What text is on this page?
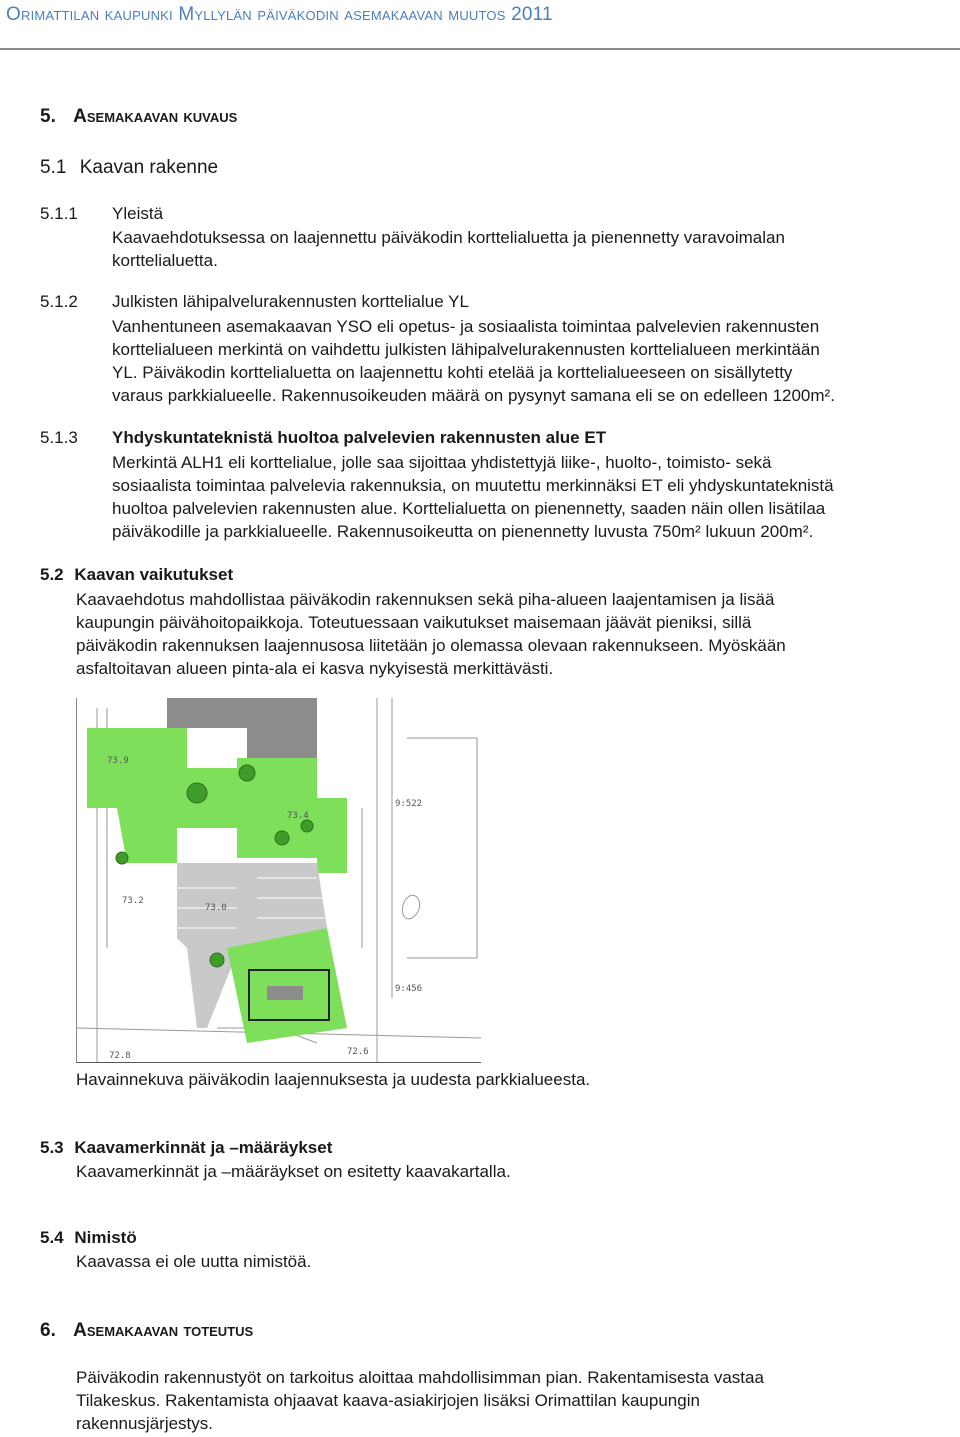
Orimattilan kaupunki Myllylän päiväkodin asemakaavan muutos 2011
5. Asemakaavan kuvaus
5.1 Kaavan rakenne
5.1.1 Yleistä
Kaavaehdotuksessa on laajennettu päiväkodin korttelialuetta ja pienennetty varavoimalan
korttelialuetta.
5.1.2 Julkisten lähipalvelurakennusten korttelialue YL
Vanhentuneen asemakaavan YSO eli opetus- ja sosiaalista toimintaa palvelevien rakennusten
korttelialueen merkintä on vaihdettu julkisten lähipalvelurakennusten korttelialueen merkintään
YL. Päiväkodin korttelialuetta on laajennettu kohti etelää ja korttelialueeseen on sisällytetty
varaus parkkialueelle. Rakennusoikeuden määrä on pysynyt samana eli se on edelleen 1200m².
5.1.3 Yhdyskuntateknistä huoltoa palvelevien rakennusten alue ET
Merkintä ALH1 eli korttelialue, jolle saa sijoittaa yhdistettyjä liike-, huolto-, toimisto- sekä
sosiaalista toimintaa palvelevia rakennuksia, on muutettu merkinnäksi ET eli yhdyskuntateknistä
huoltoa palvelevien rakennusten alue. Korttelialuetta on pienennetty, saaden näin ollen lisätilaa
päiväkodille ja parkkialueelle. Rakennusoikeutta on pienennetty luvusta 750m² lukuun 200m².
5.2 Kaavan vaikutukset
Kaavaehdotus mahdollistaa päiväkodin rakennuksen sekä piha-alueen laajentamisen ja lisää
kaupungin päivähoitopaikkoja. Toteutuessaan vaikutukset maisemaan jäävät pieniksi, sillä
päiväkodin rakennuksen laajennusosa liitetään jo olemassa olevaan rakennukseen. Myöskään
asfaltoitavan alueen pinta-ala ei kasva nykyisestä merkittävästi.
73.9
9:522
73.4
73.2
73.0
9:456
72.8	72.6
Havainnekuva päiväkodin laajennuksesta ja uudesta parkkialueesta.
5.3 Kaavamerkinnät ja –määräykset
Kaavamerkinnät ja –määräykset on esitetty kaavakartalla.
5.4 Nimistö
Kaavassa ei ole uutta nimistöä.
6. Asemakaavan toteutus
Päiväkodin rakennustyöt on tarkoitus aloittaa mahdollisimman pian. Rakentamisesta vastaa
Tilakeskus. Rakentamista ohjaavat kaava-asiakirjojen lisäksi Orimattilan kaupungin
rakennusjärjestys.
